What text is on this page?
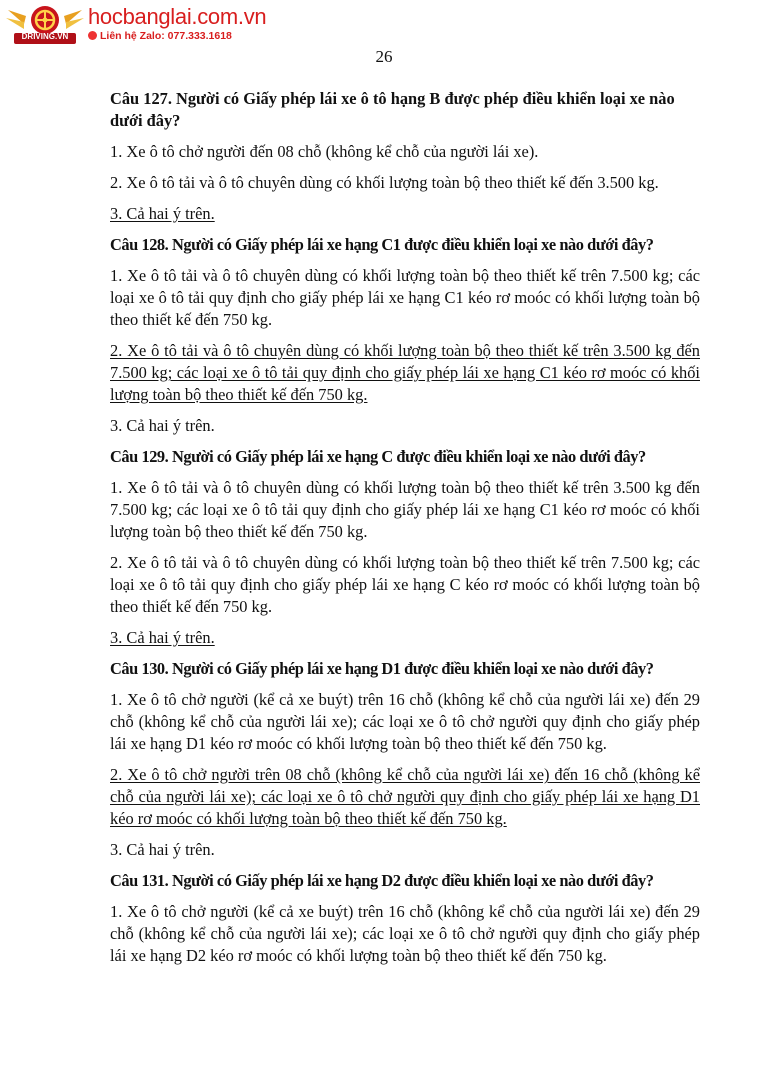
DRIVING.VN
hocbanglai.com.vn
Liên hệ Zalo: 077.333.1618
26

Câu 127. Người có Giấy phép lái xe ô tô hạng B được phép điều khiển loại xe nào dưới đây?

1. Xe ô tô chở người đến 08 chỗ (không kể chỗ của người lái xe).

2. Xe ô tô tải và ô tô chuyên dùng có khối lượng toàn bộ theo thiết kế đến 3.500 kg.

3. Cả hai ý trên.

Câu 128. Người có Giấy phép lái xe hạng C1 được điều khiển loại xe nào dưới đây?

1. Xe ô tô tải và ô tô chuyên dùng có khối lượng toàn bộ theo thiết kế trên 7.500 kg; các loại xe ô tô tải quy định cho giấy phép lái xe hạng C1 kéo rơ moóc có khối lượng toàn bộ theo thiết kế đến 750 kg.

2. Xe ô tô tải và ô tô chuyên dùng có khối lượng toàn bộ theo thiết kế trên 3.500 kg đến 7.500 kg; các loại xe ô tô tải quy định cho giấy phép lái xe hạng C1 kéo rơ moóc có khối lượng toàn bộ theo thiết kế đến 750 kg.

3. Cả hai ý trên.

Câu 129. Người có Giấy phép lái xe hạng C được điều khiển loại xe nào dưới đây?

1. Xe ô tô tải và ô tô chuyên dùng có khối lượng toàn bộ theo thiết kế trên 3.500 kg đến 7.500 kg; các loại xe ô tô tải quy định cho giấy phép lái xe hạng C1 kéo rơ moóc có khối lượng toàn bộ theo thiết kế đến 750 kg.

2. Xe ô tô tải và ô tô chuyên dùng có khối lượng toàn bộ theo thiết kế trên 7.500 kg; các loại xe ô tô tải quy định cho giấy phép lái xe hạng C kéo rơ moóc có khối lượng toàn bộ theo thiết kế đến 750 kg.

3. Cả hai ý trên.

Câu 130. Người có Giấy phép lái xe hạng D1 được điều khiển loại xe nào dưới đây?

1. Xe ô tô chở người (kể cả xe buýt) trên 16 chỗ (không kể chỗ của người lái xe) đến 29 chỗ (không kể chỗ của người lái xe); các loại xe ô tô chở người quy định cho giấy phép lái xe hạng D1 kéo rơ moóc có khối lượng toàn bộ theo thiết kế đến 750 kg.

2. Xe ô tô chở người trên 08 chỗ (không kể chỗ của người lái xe) đến 16 chỗ (không kể chỗ của người lái xe); các loại xe ô tô chở người quy định cho giấy phép lái xe hạng D1 kéo rơ moóc có khối lượng toàn bộ theo thiết kế đến 750 kg.

3. Cả hai ý trên.

Câu 131. Người có Giấy phép lái xe hạng D2 được điều khiển loại xe nào dưới đây?

1. Xe ô tô chở người (kể cả xe buýt) trên 16 chỗ (không kể chỗ của người lái xe) đến 29 chỗ (không kể chỗ của người lái xe); các loại xe ô tô chở người quy định cho giấy phép lái xe hạng D2 kéo rơ moóc có khối lượng toàn bộ theo thiết kế đến 750 kg.
